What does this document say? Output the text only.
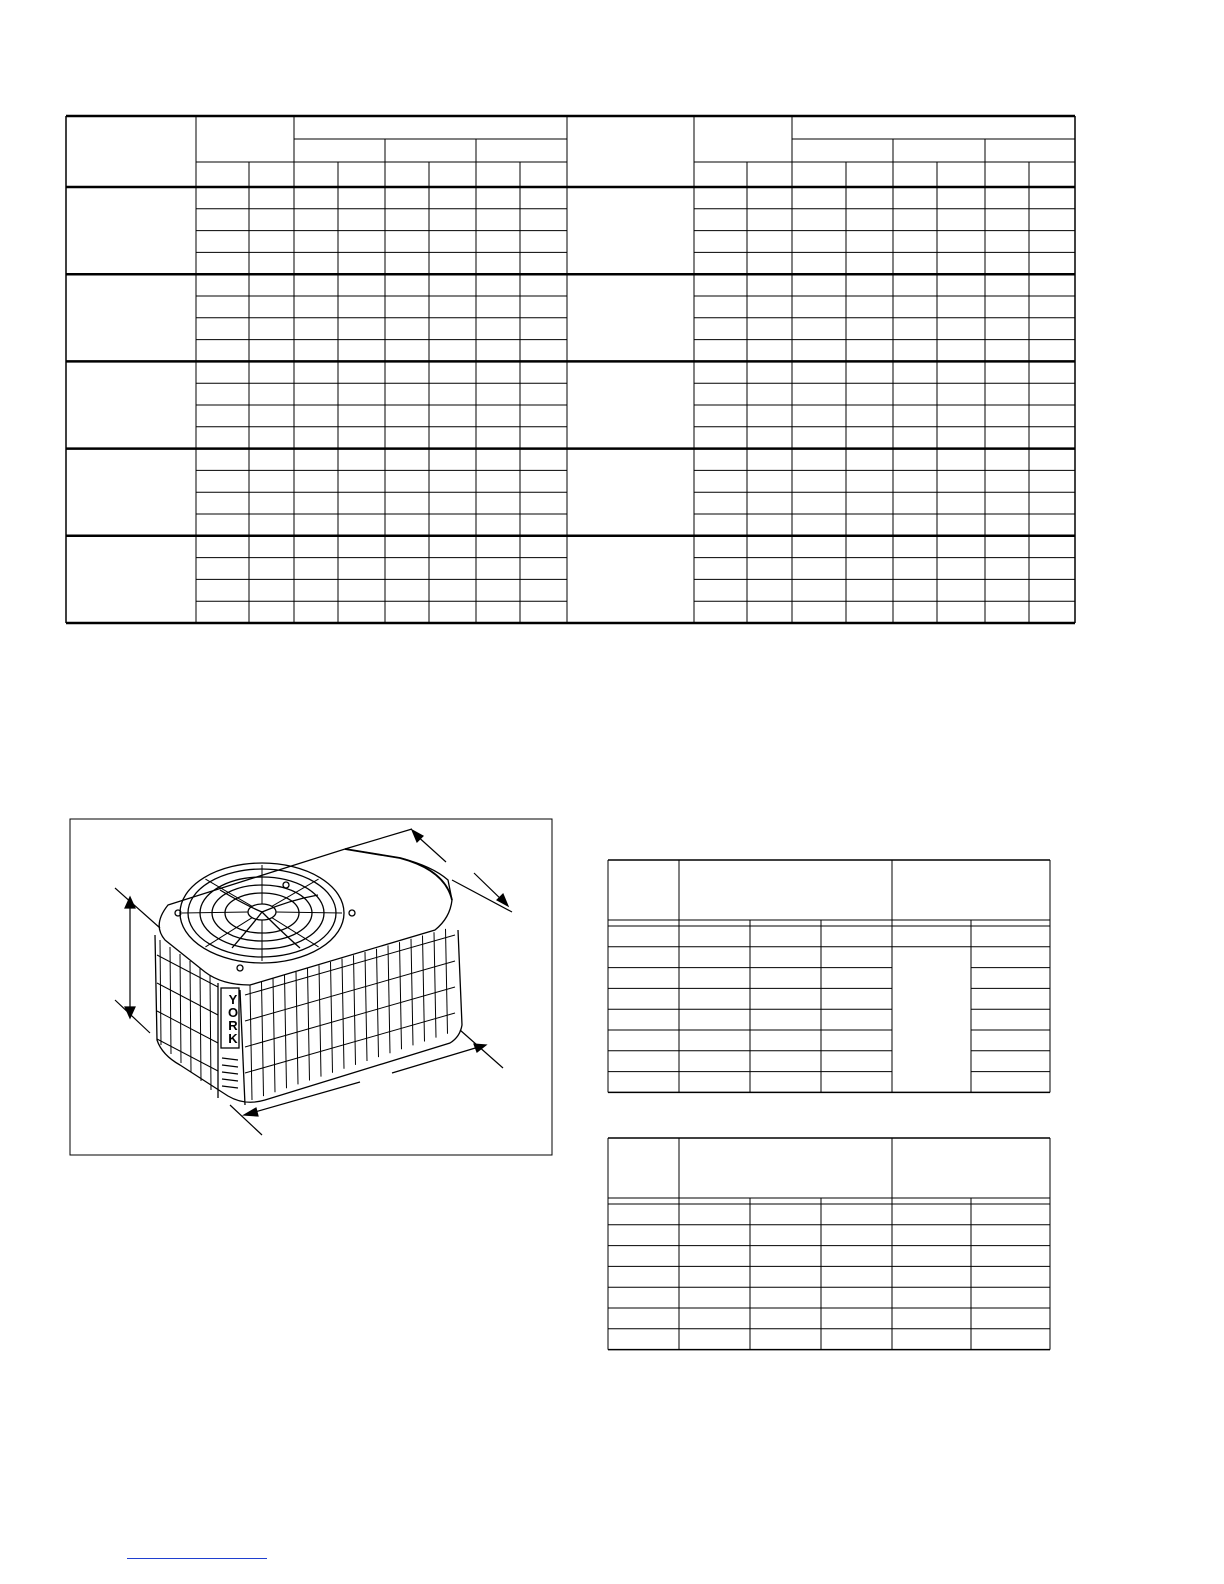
Y
O
R
K
